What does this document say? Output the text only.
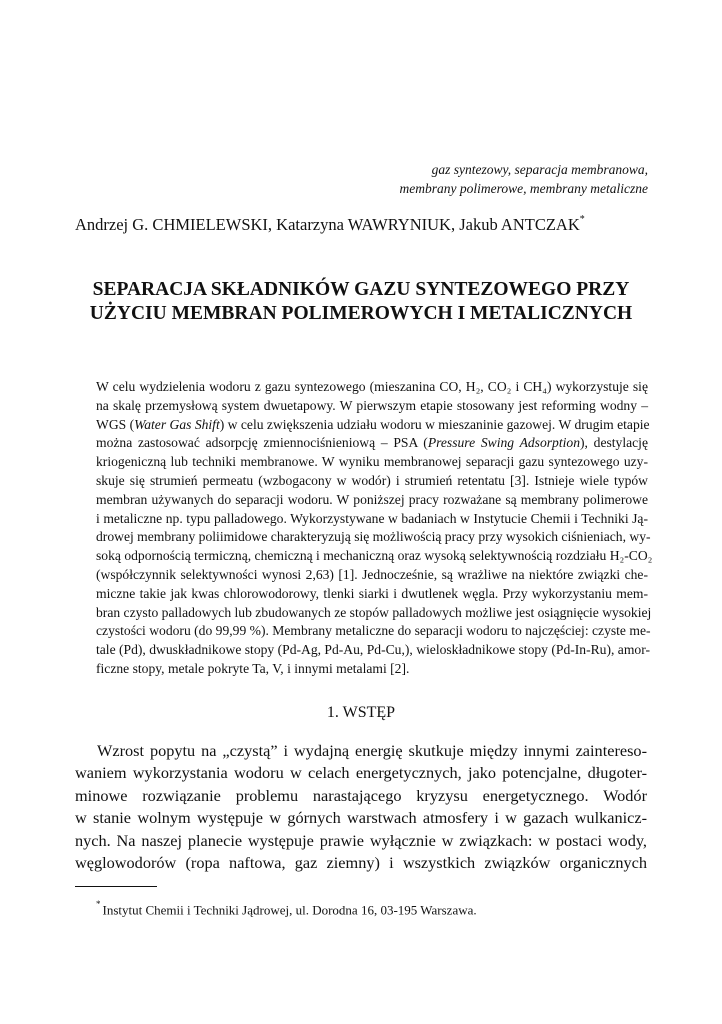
gaz syntezowy, separacja membranowa,
membrany polimerowe, membrany metaliczne
Andrzej G. CHMIELEWSKI, Katarzyna WAWRYNIUK, Jakub ANTCZAK*
SEPARACJA SKŁADNIKÓW GAZU SYNTEZOWEGO PRZY
UŻYCIU MEMBRAN POLIMEROWYCH I METALICZNYCH
W celu wydzielenia wodoru z gazu syntezowego (mieszanina CO, H₂, CO₂ i CH₄) wykorzystuje się
na skalę przemysłową system dwuetapowy. W pierwszym etapie stosowany jest reforming wodny –
WGS (Water Gas Shift) w celu zwiększenia udziału wodoru w mieszaninie gazowej. W drugim etapie
można zastosować adsorpcję zmiennociśnieniową – PSA (Pressure Swing Adsorption), destylację
kriogeniczną lub techniki membranowe. W wyniku membranowej separacji gazu syntezowego uzy-
skuje się strumień permeatu (wzbogacony w wodór) i strumień retentatu [3]. Istnieje wiele typów
membran używanych do separacji wodoru. W poniższej pracy rozważane są membrany polimerowe
i metaliczne np. typu palladowego. Wykorzystywane w badaniach w Instytucie Chemii i Techniki Ją-
drowej membrany poliimidowe charakteryzują się możliwością pracy przy wysokich ciśnieniach, wy-
soką odpornością termiczną, chemiczną i mechaniczną oraz wysoką selektywnością rozdziału H₂-CO₂
(współczynnik selektywności wynosi 2,63) [1]. Jednocześnie, są wrażliwe na niektóre związki che-
miczne takie jak kwas chlorowodorowy, tlenki siarki i dwutlenek węgla. Przy wykorzystaniu mem-
bran czysto palladowych lub zbudowanych ze stopów palladowych możliwe jest osiągnięcie wysokiej
czystości wodoru (do 99,99 %). Membrany metaliczne do separacji wodoru to najczęściej: czyste me-
tale (Pd), dwuskładnikowe stopy (Pd-Ag, Pd-Au, Pd-Cu,), wieloskładnikowe stopy (Pd-In-Ru), amor-
ficzne stopy, metale pokryte Ta, V, i innymi metalami [2].
1. WSTĘP
Wzrost popytu na „czystą” i wydajną energię skutkuje między innymi zaintereso-
waniem wykorzystania wodoru w celach energetycznych, jako potencjalne, długoter-
minowe rozwiązanie problemu narastającego kryzysu energetycznego. Wodór
w stanie wolnym występuje w górnych warstwach atmosfery i w gazach wulkanicz-
nych. Na naszej planecie występuje prawie wyłącznie w związkach: w postaci wody,
węglowodorów (ropa naftowa, gaz ziemny) i wszystkich związków organicznych
* Instytut Chemii i Techniki Jądrowej, ul. Dorodna 16, 03-195 Warszawa.
